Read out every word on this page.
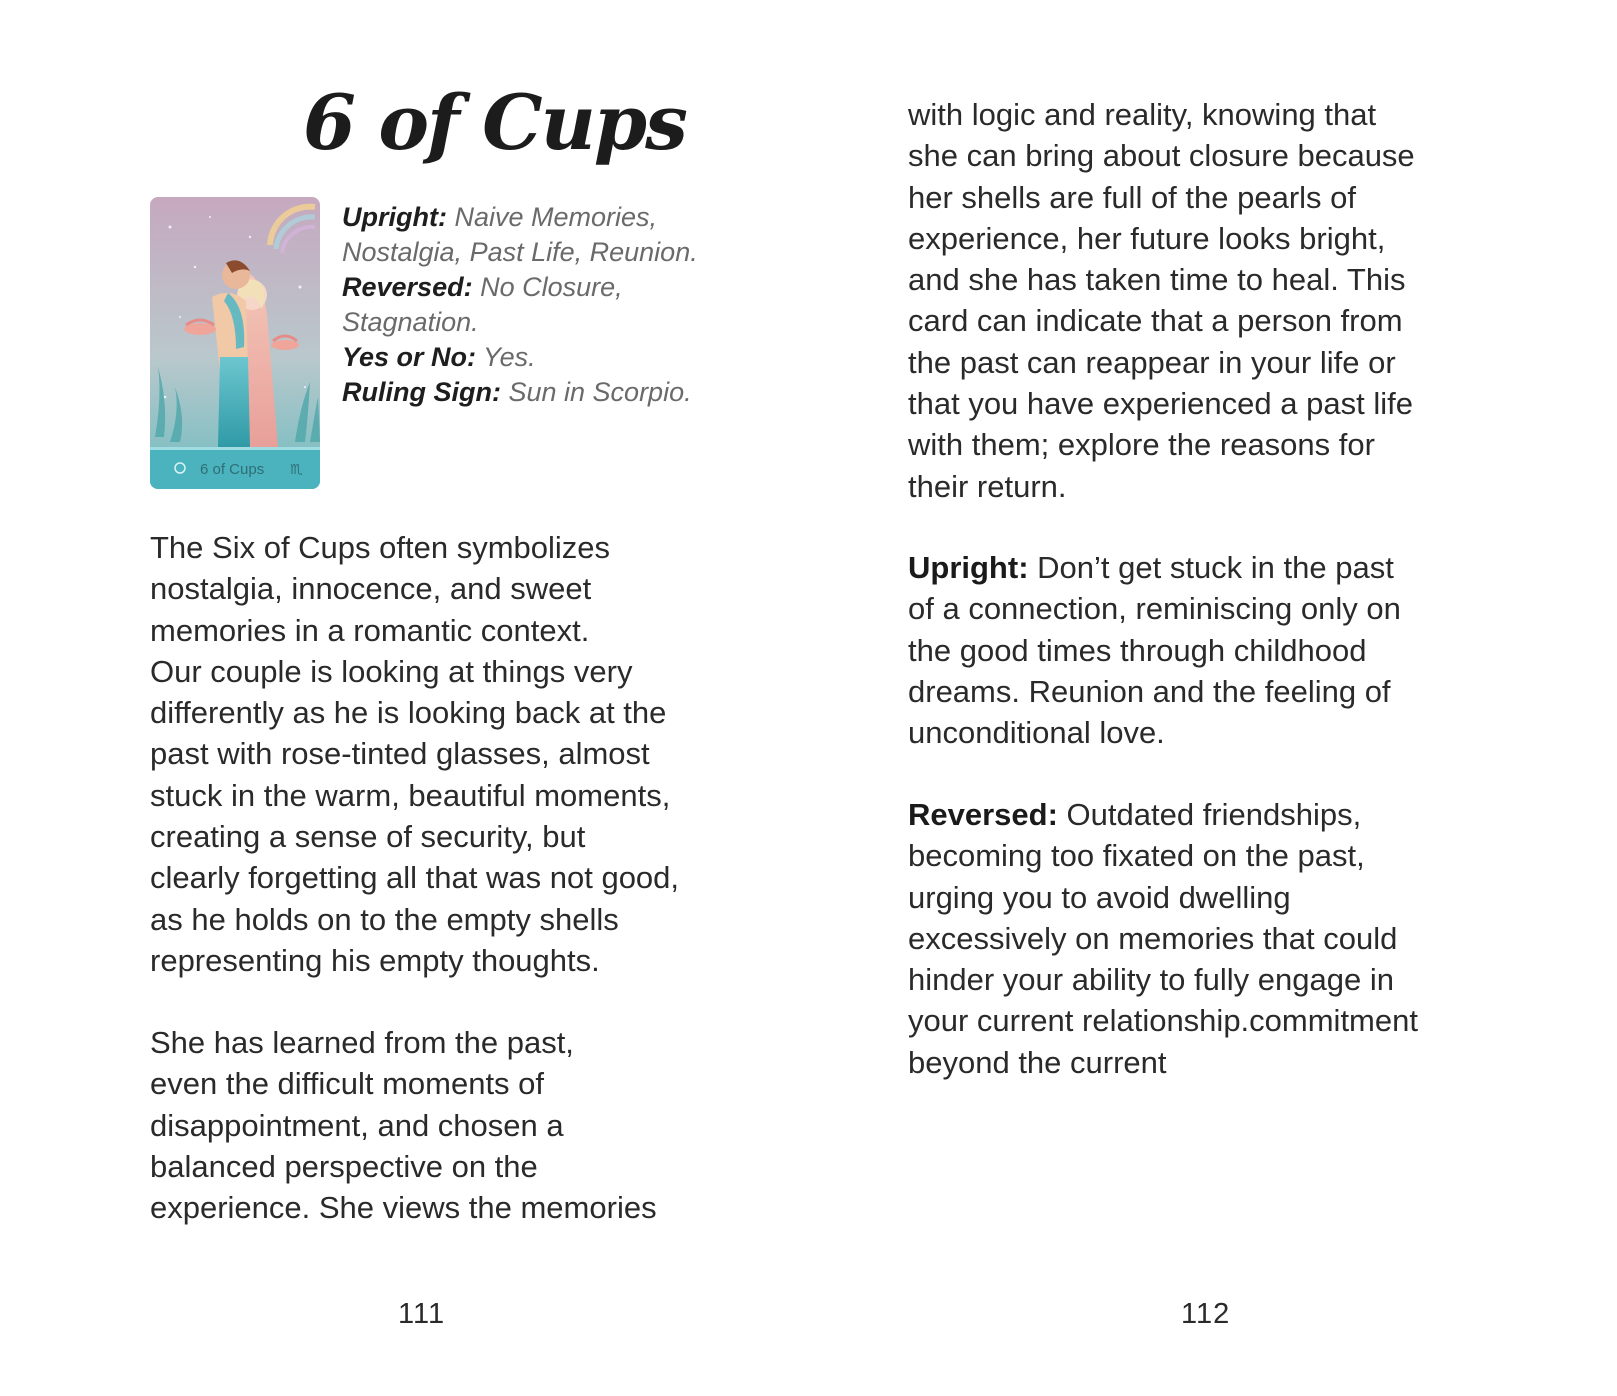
6 of Cups
6 of Cups ♏
Upright: Naive Memories,
Nostalgia, Past Life, Reunion.
Reversed: No Closure,
Stagnation.
Yes or No: Yes.
Ruling Sign: Sun in Scorpio.
The Six of Cups often symbolizes
nostalgia, innocence, and sweet
memories in a romantic context.
Our couple is looking at things very
differently as he is looking back at the
past with rose-tinted glasses, almost
stuck in the warm, beautiful moments,
creating a sense of security, but
clearly forgetting all that was not good,
as he holds on to the empty shells
representing his empty thoughts.
She has learned from the past,
even the difficult moments of
disappointment, and chosen a
balanced perspective on the
experience. She views the memories
111
with logic and reality, knowing that
she can bring about closure because
her shells are full of the pearls of
experience, her future looks bright,
and she has taken time to heal. This
card can indicate that a person from
the past can reappear in your life or
that you have experienced a past life
with them; explore the reasons for
their return.
Upright: Don’t get stuck in the past
of a connection, reminiscing only on
the good times through childhood
dreams. Reunion and the feeling of
unconditional love.
Reversed: Outdated friendships,
becoming too fixated on the past,
urging you to avoid dwelling
excessively on memories that could
hinder your ability to fully engage in
your current relationship.commitment
beyond the current
112
